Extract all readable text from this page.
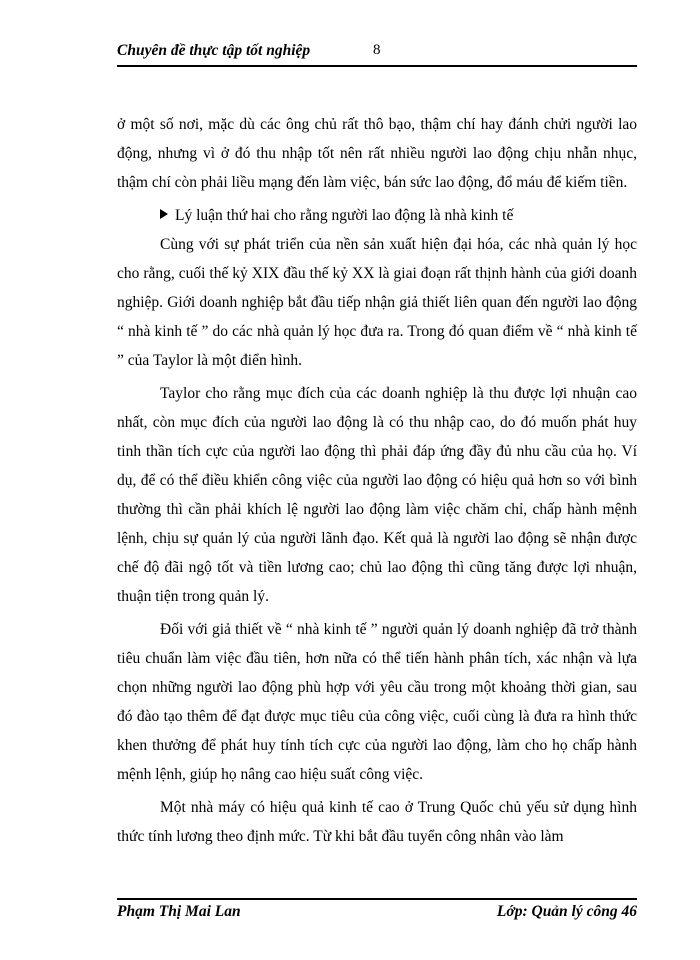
Chuyên đề thực tập tốt nghiệp	8

ở một số nơi, mặc dù các ông chủ rất thô bạo, thậm chí hay đánh chửi người lao động, nhưng vì ở đó thu nhập tốt nên rất nhiều người lao động chịu nhẫn nhục, thậm chí còn phải liều mạng đến làm việc, bán sức lao động, đổ máu để kiếm tiền.

Lý luận thứ hai cho rằng người lao động là nhà kinh tế

Cùng với sự phát triển của nền sản xuất hiện đại hóa, các nhà quản lý học cho rằng, cuối thế kỷ XIX đầu thế kỷ XX là giai đoạn rất thịnh hành của giới doanh nghiệp. Giới doanh nghiệp bắt đầu tiếp nhận giả thiết liên quan đến người lao động “ nhà kinh tế ” do các nhà quản lý học đưa ra. Trong đó quan điểm về “ nhà kinh tế ” của Taylor là một điển hình.

Taylor cho rằng mục đích của các doanh nghiệp là thu được lợi nhuận cao nhất, còn mục đích của người lao động là có thu nhập cao, do đó muốn phát huy tinh thần tích cực của người lao động thì phải đáp ứng đầy đủ nhu cầu của họ. Ví dụ, để có thể điều khiển công việc của người lao động có hiệu quả hơn so với bình thường thì cần phải khích lệ người lao động làm việc chăm chỉ, chấp hành mệnh lệnh, chịu sự quản lý của người lãnh đạo. Kết quả là người lao động sẽ nhận được chế độ đãi ngộ tốt và tiền lương cao; chủ lao động thì cũng tăng được lợi nhuận, thuận tiện trong quản lý.

Đối với giả thiết về “ nhà kinh tế ” người quản lý doanh nghiệp đã trở thành tiêu chuẩn làm việc đầu tiên, hơn nữa có thể tiến hành phân tích, xác nhận và lựa chọn những người lao động phù hợp với yêu cầu trong một khoảng thời gian, sau đó đào tạo thêm để đạt được mục tiêu của công việc, cuối cùng là đưa ra hình thức khen thưởng để phát huy tính tích cực của người lao động, làm cho họ chấp hành mệnh lệnh, giúp họ nâng cao hiệu suất công việc.

Một nhà máy có hiệu quả kinh tế cao ở Trung Quốc chủ yếu sử dụng hình thức tính lương theo định mức. Từ khi bắt đầu tuyển công nhân vào làm

Phạm Thị Mai Lan	Lớp: Quản lý công 46
